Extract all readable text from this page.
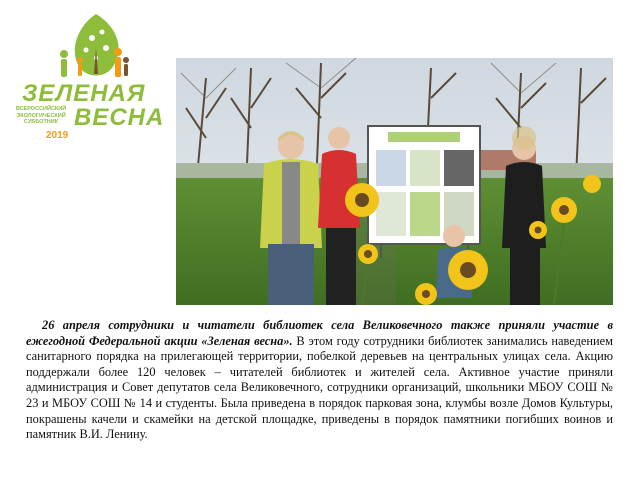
ЗЕЛЕНАЯ
ВСЕРОССИЙСКИЙ
ЭКОЛОГИЧЕСКИЙ
СУББОТНИК ВЕСНА
2019

26 апреля сотрудники и читатели библиотек села Великовечного также приняли участие в ежегодной Федеральной акции «Зеленая весна». В этом году сотрудники библиотек занимались наведением санитарного порядка на прилегающей территории, побелкой деревьев на центральных улицах села. Акцию поддержали более 120 человек – читателей библиотек и жителей села. Активное участие приняли администрация и Совет депутатов села Великовечного, сотрудники организаций, школьники МБОУ СОШ № 23 и МБОУ СОШ № 14 и студенты. Была приведена в порядок парковая зона, клумбы возле Домов Культуры, покрашены качели и скамейки на детской площадке, приведены в порядок памятники погибших воинов и памятник В.И. Ленину.
